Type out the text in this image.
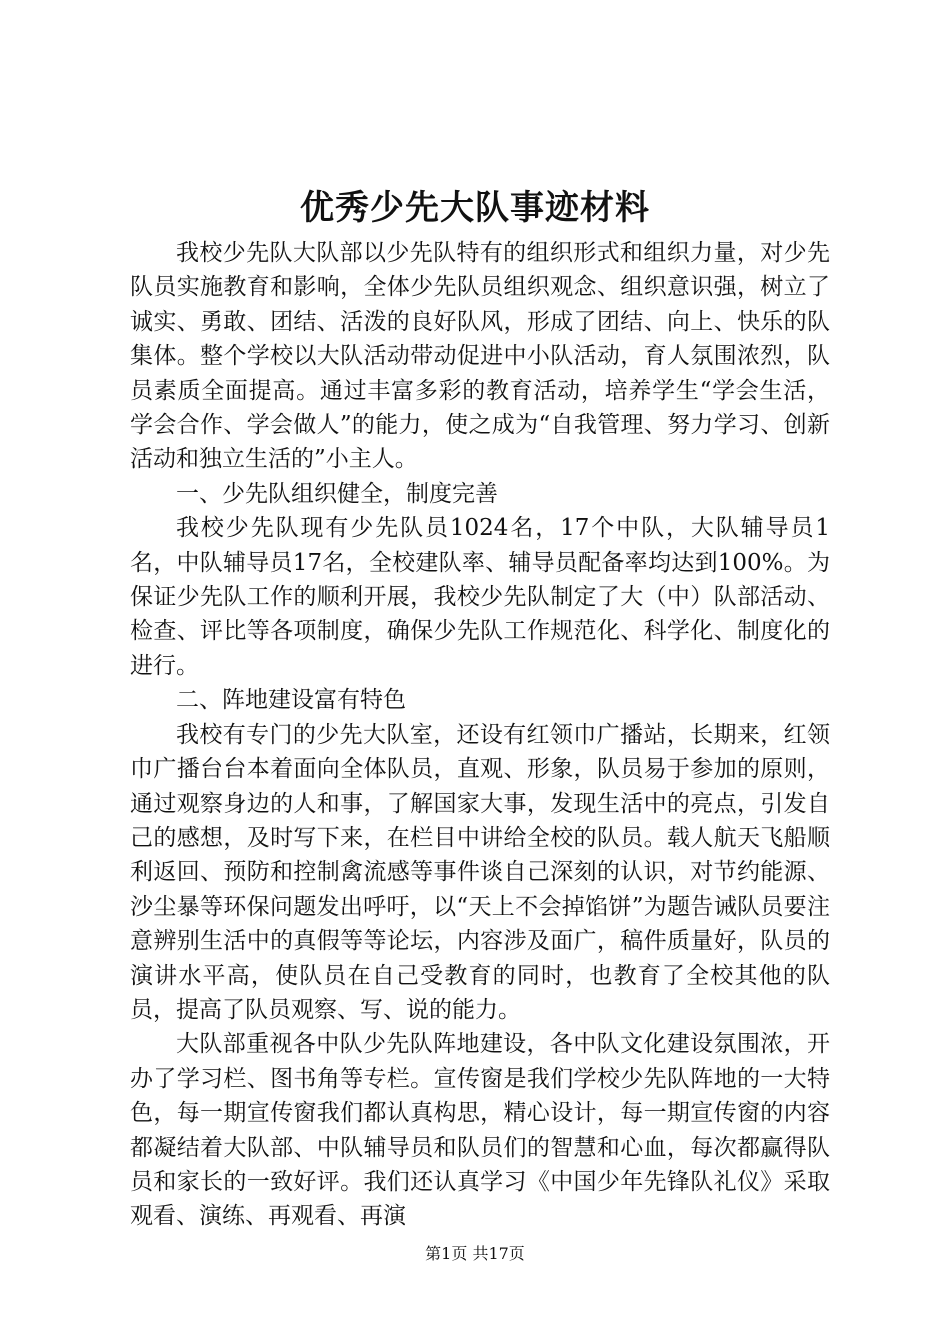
优秀少先大队事迹材料

我校少先队大队部以少先队特有的组织形式和组织力量，对少先队员实施教育和影响，全体少先队员组织观念、组织意识强，树立了诚实、勇敢、团结、活泼的良好队风，形成了团结、向上、快乐的队集体。整个学校以大队活动带动促进中小队活动，育人氛围浓烈，队员素质全面提高。通过丰富多彩的教育活动，培养学生“学会生活，学会合作、学会做人”的能力，使之成为“自我管理、努力学习、创新活动和独立生活的”小主人。

一、少先队组织健全，制度完善

我校少先队现有少先队员1024名，17个中队，大队辅导员1名，中队辅导员17名，全校建队率、辅导员配备率均达到100%。为保证少先队工作的顺利开展，我校少先队制定了大（中）队部活动、检查、评比等各项制度，确保少先队工作规范化、科学化、制度化的进行。

二、阵地建设富有特色

我校有专门的少先大队室，还设有红领巾广播站，长期来，红领巾广播台台本着面向全体队员，直观、形象，队员易于参加的原则，通过观察身边的人和事，了解国家大事，发现生活中的亮点，引发自己的感想，及时写下来，在栏目中讲给全校的队员。载人航天飞船顺利返回、预防和控制禽流感等事件谈自己深刻的认识，对节约能源、沙尘暴等环保问题发出呼吁，以“天上不会掉馅饼”为题告诫队员要注意辨别生活中的真假等等论坛，内容涉及面广，稿件质量好，队员的演讲水平高，使队员在自己受教育的同时，也教育了全校其他的队员，提高了队员观察、写、说的能力。

大队部重视各中队少先队阵地建设，各中队文化建设氛围浓，开办了学习栏、图书角等专栏。宣传窗是我们学校少先队阵地的一大特色，每一期宣传窗我们都认真构思，精心设计，每一期宣传窗的内容都凝结着大队部、中队辅导员和队员们的智慧和心血，每次都赢得队员和家长的一致好评。我们还认真学习《中国少年先锋队礼仪》采取观看、演练、再观看、再演

第1页 共17页
